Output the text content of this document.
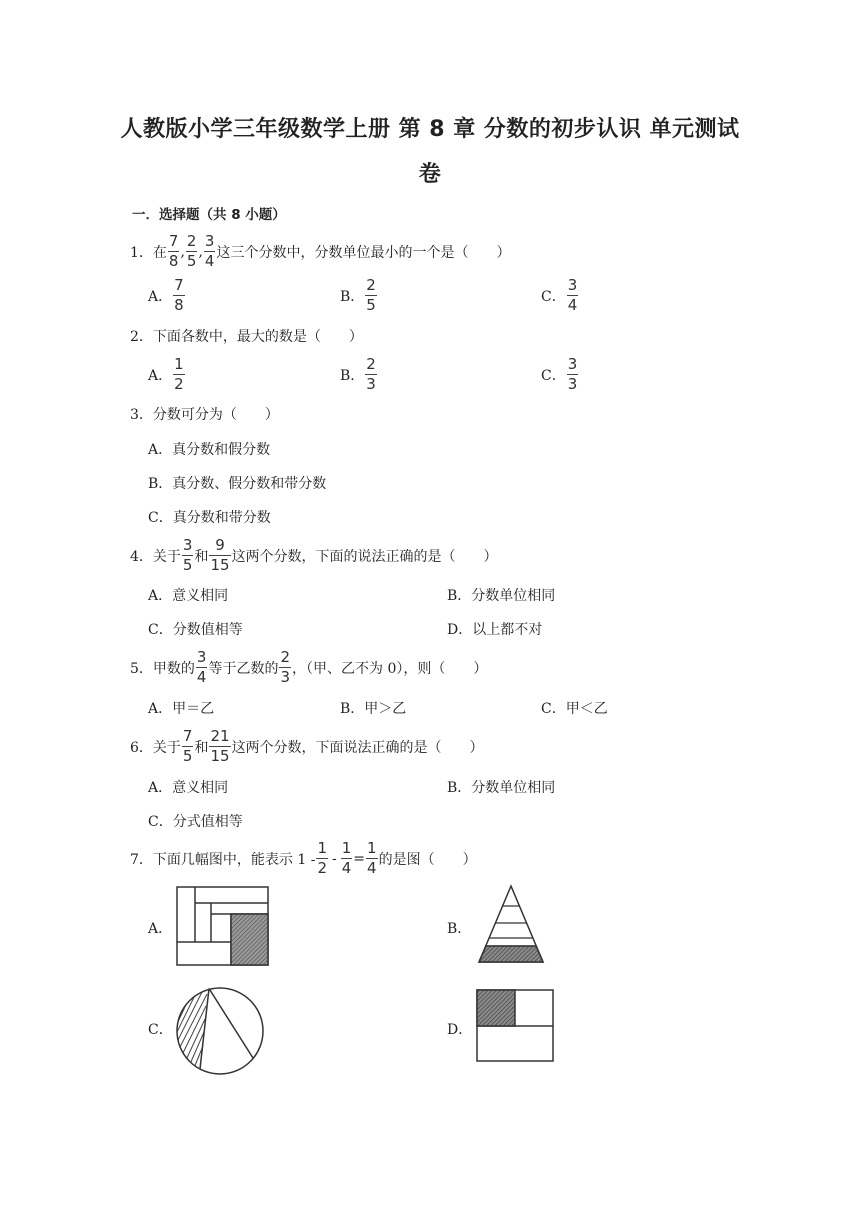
人教版小学三年级数学上册 第 8 章 分数的初步认识 单元测试
卷
一．选择题（共 8 小题）
1． 在 $\frac{7}{8}$ , $\frac{2}{5}$ , $\frac{3}{4}$ 这三个分数中，分数单位最小的一个是（　　）
A． $\frac{7}{8}$	B． $\frac{2}{5}$	C． $\frac{3}{4}$
2．下面各数中，最大的数是（　　）
A． $\frac{1}{2}$	B． $\frac{2}{3}$	C． $\frac{3}{3}$
3．分数可分为（　　）
A．真分数和假分数
B．真分数、假分数和带分数
C．真分数和带分数
4． 关于 $\frac{3}{5}$ 和 $\frac{9}{15}$ 这两个分数，下面的说法正确的是（　　）
A．意义相同	B．分数单位相同
C．分数值相等	D．以上都不对
5． 甲数的 $\frac{3}{4}$ 等于乙数的 $\frac{2}{3}$ ，（甲、乙不为 0），则（　　）
A．甲＝乙	B．甲＞乙	C．甲＜乙
6． 关于 $\frac{7}{5}$ 和 $\frac{21}{15}$ 这两个分数，下面说法正确的是（　　）
A．意义相同	B．分数单位相同
C．分式值相等
7． 下面几幅图中，能表示 $1 - \frac{1}{2} - \frac{1}{4} = \frac{1}{4}$ 的是图（　　）
A．	B．
C．	D．
